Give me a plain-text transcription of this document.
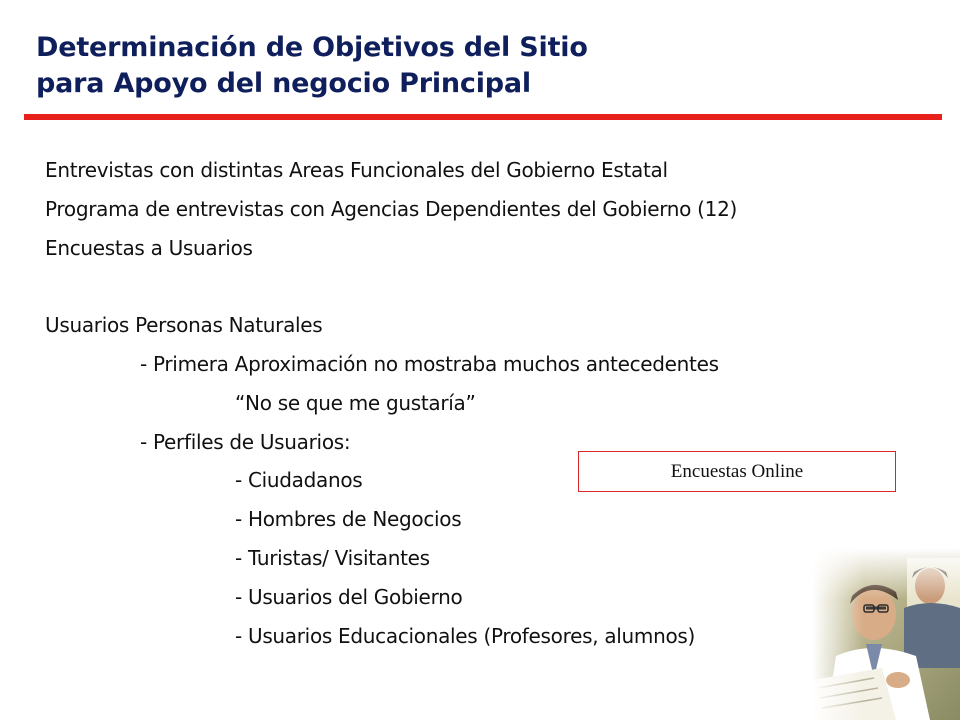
Determinación de Objetivos del Sitio
para Apoyo del negocio Principal
Entrevistas con distintas Areas Funcionales del Gobierno Estatal
Programa de entrevistas con Agencias Dependientes del Gobierno (12)
Encuestas a Usuarios
Usuarios Personas Naturales
- Primera Aproximación no mostraba muchos antecedentes
“No se que me gustaría”
- Perfiles de Usuarios:
- Ciudadanos
- Hombres de Negocios
- Turistas/ Visitantes
- Usuarios del Gobierno
- Usuarios Educacionales (Profesores, alumnos)
Encuestas Online
